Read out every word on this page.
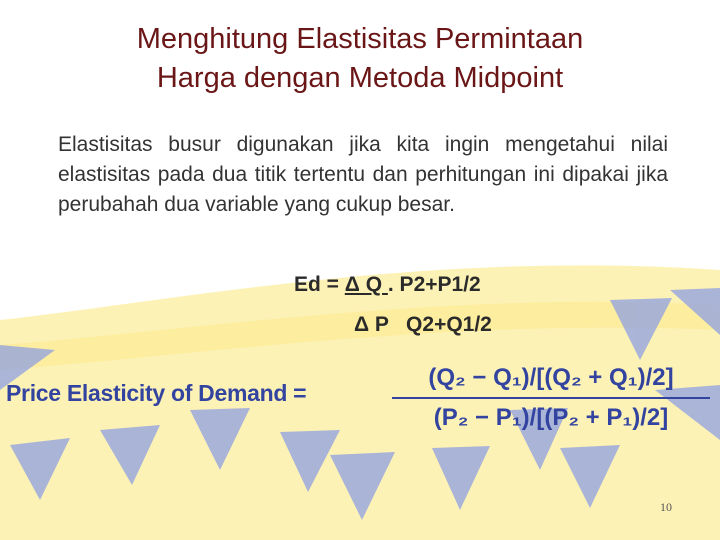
Menghitung Elastisitas Permintaan
Harga dengan Metoda Midpoint
Elastisitas busur digunakan jika kita ingin mengetahui nilai elastisitas pada dua titik tertentu dan perhitungan ini dipakai jika perubahah dua variable yang cukup besar.
Ed = Δ Q . P2+P1/2
Δ P   Q2+Q1/2
Price Elasticity of Demand =
(Q₂ − Q₁)/[(Q₂ + Q₁)/2]
(P₂ − P₁)/[(P₂ + P₁)/2]
10
